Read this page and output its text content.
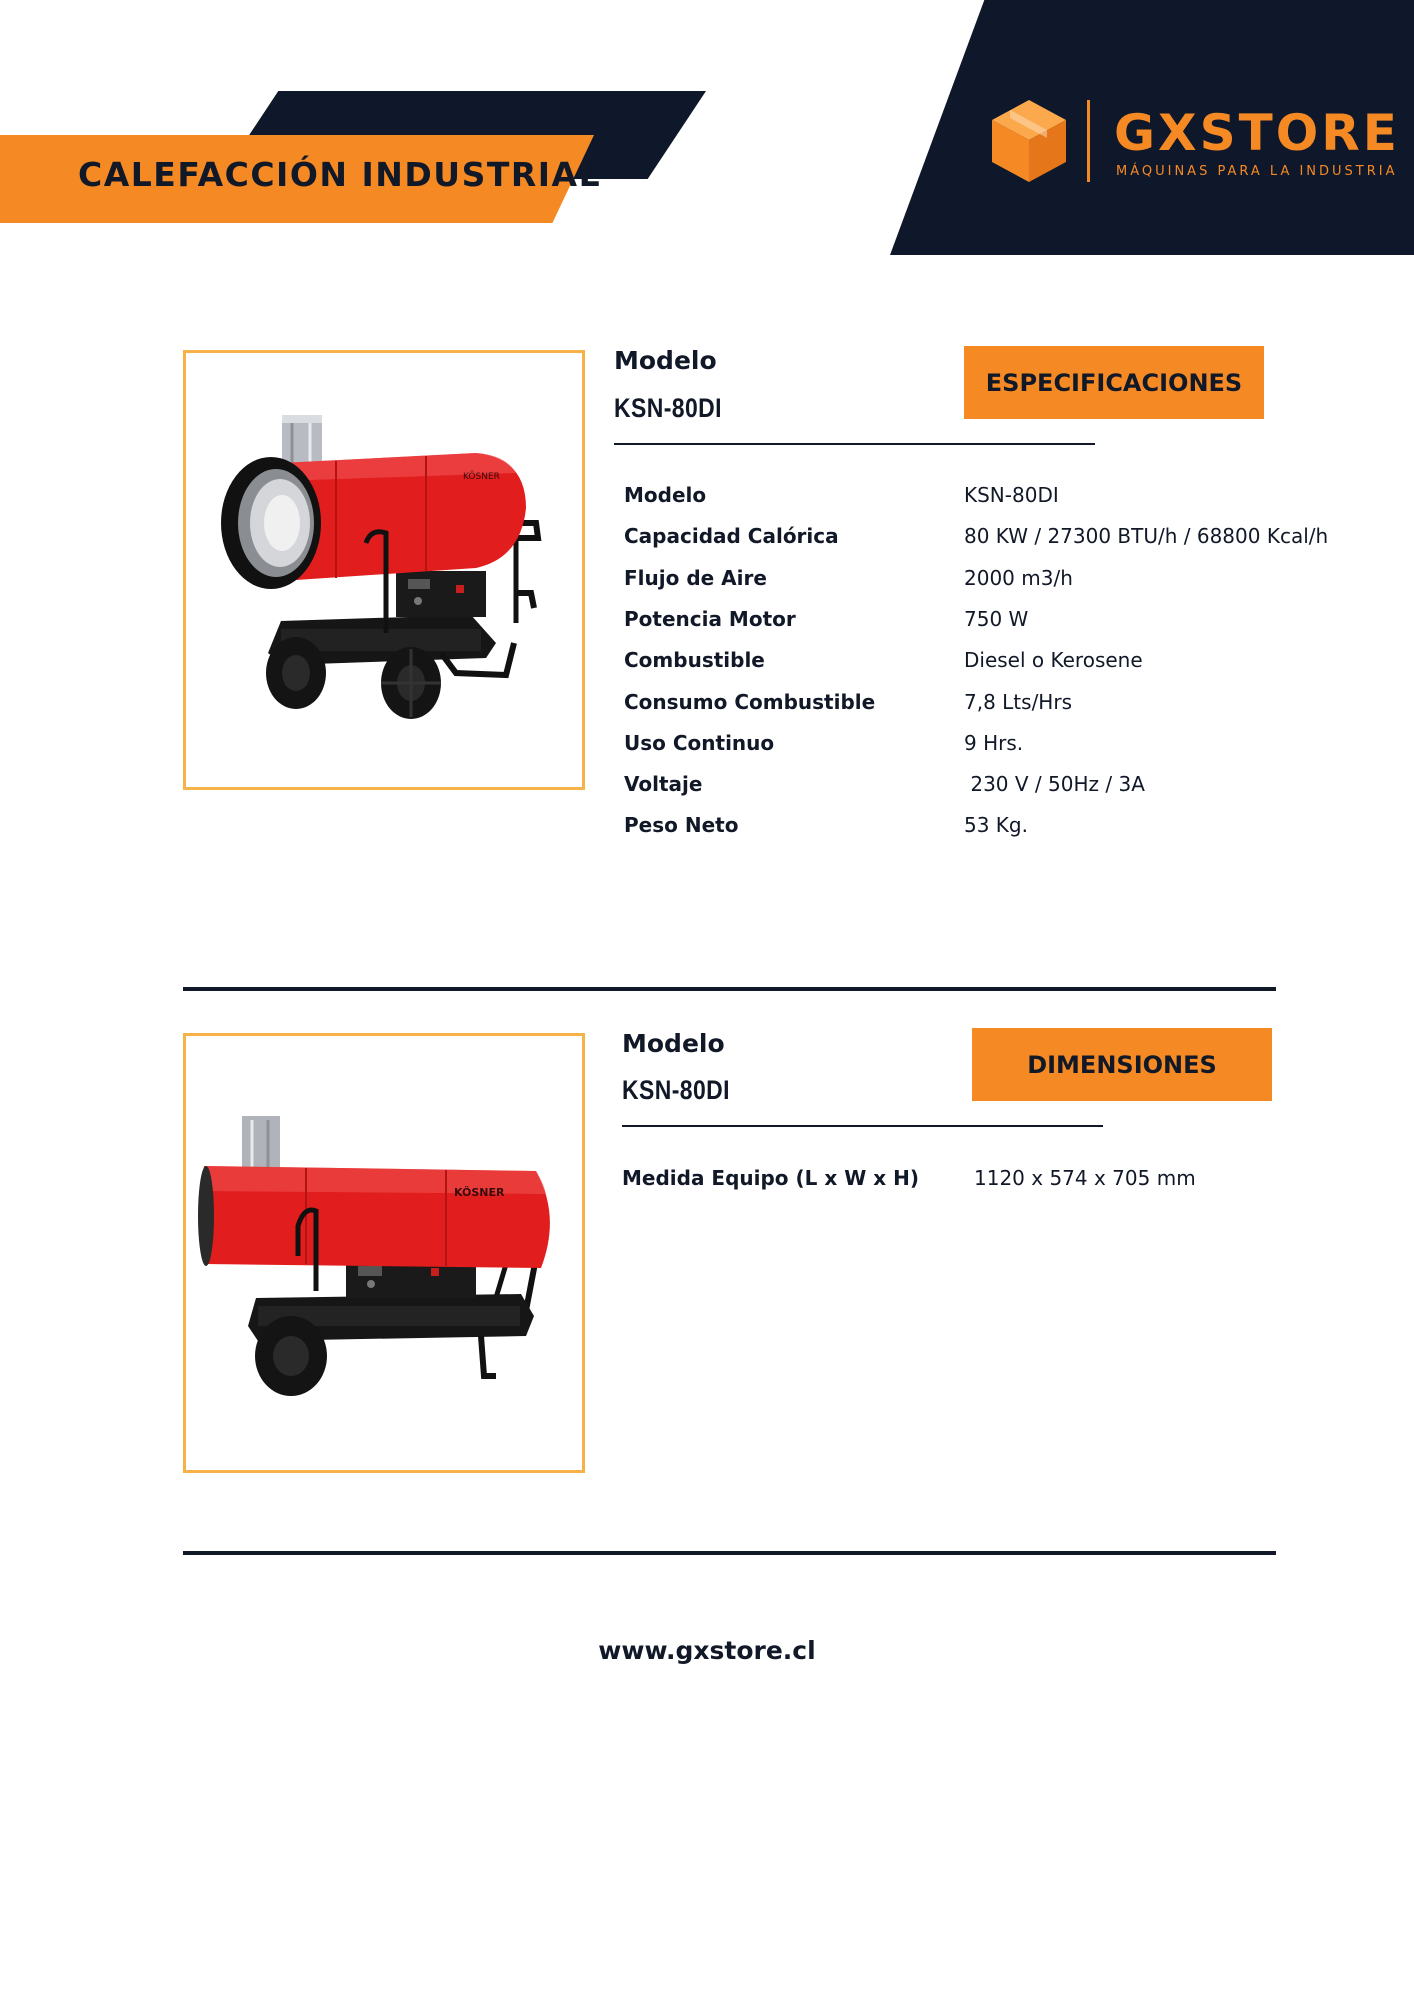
CALEFACCIÓN INDUSTRIAL
GXSTORE
MÁQUINAS PARA LA INDUSTRIA
KÖSNER
Modelo
KSN-80DI
ESPECIFICACIONES
Modelo	KSN-80DI
Capacidad Calórica	80 KW / 27300 BTU/h / 68800 Kcal/h
Flujo de Aire	2000 m3/h
Potencia Motor	750 W
Combustible	Diesel o Kerosene
Consumo Combustible	7,8 Lts/Hrs
Uso Continuo	9 Hrs.
Voltaje	230 V / 50Hz / 3A
Peso Neto	53 Kg.
KÖSNER
Modelo
KSN-80DI
DIMENSIONES
Medida Equipo (L x W x H)	1120 x 574 x 705 mm
www.gxstore.cl
